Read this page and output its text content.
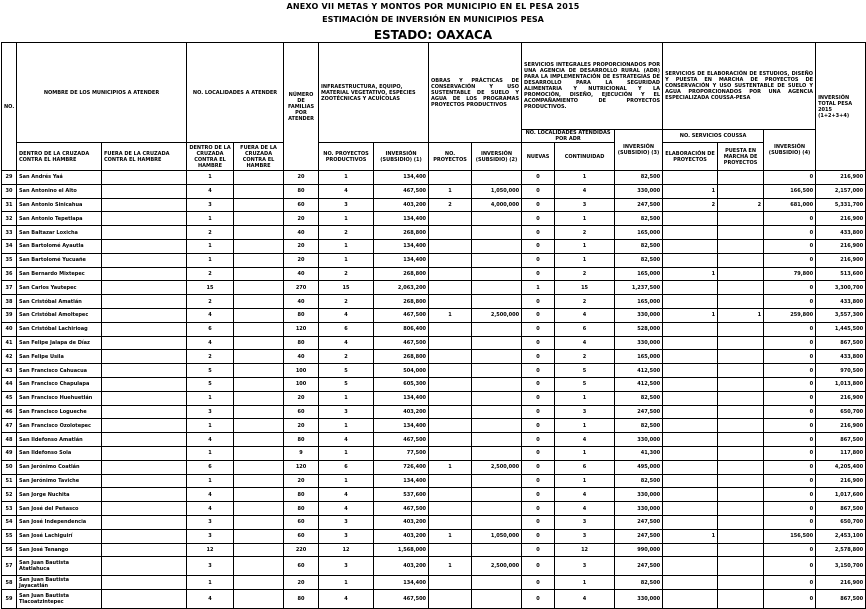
ANEXO VII METAS Y MONTOS POR MUNICIPIO EN EL PESA 2015
ESTIMACIÓN DE INVERSIÓN EN MUNICIPIOS PESA
ESTADO: OAXACA
NO.	NOMBRE DE LOS MUNICIPIOS A ATENDER		NO. LOCALIDADES A ATENDER		NÚMERO DE FAMILIAS POR ATENDER	INFRAESTRUCTURA, EQUIPO, MATERIAL VEGETATIVO, ESPECIES ZOOTÉCNICAS Y ACUÍCOLAS		OBRAS Y PRÁCTICAS DE CONSERVACIÓN Y USO SUSTENTABLE DE SUELO Y AGUA DE LOS PROGRAMAS PROYECTOS PRODUCTIVOS		SERVICIOS INTEGRALES PROPORCIONADOS POR UNA AGENCIA DE DESARROLLO RURAL (ADR) PARA LA IMPLEMENTACIÓN DE ESTRATEGIAS DE DESARROLLO PARA LA SEGURIDAD ALIMENTARIA Y NUTRICIONAL Y LA PROMOCIÓN, DISEÑO, EJECUCIÓN Y EL ACOMPAÑAMIENTO DE PROYECTOS PRODUCTIVOS.			SERVICIOS DE ELABORACIÓN DE ESTUDIOS, DISEÑO Y PUESTA EN MARCHA DE PROYECTOS DE CONSERVACIÓN Y USO SUSTENTABLE DE SUELO Y AGUA PROPORCIONADOS POR UNA AGENCIA ESPECIALIZADA COUSSA-PESA			INVERSIÓN TOTAL PESA 2015 (1+2+3+4)
										NO. LOCALIDADES ATENDIDAS POR ADR		INVERSIÓN (SUBSIDIO) (3)	NO. SERVICIOS COUSSA		INVERSIÓN (SUBSIDIO) (4)	
	DENTRO DE LA CRUZADA CONTRA EL HAMBRE	FUERA DE LA CRUZADA CONTRA EL HAMBRE	DENTRO DE LA CRUZADA CONTRA EL HAMBRE	FUERA DE LA CRUZADA CONTRA EL HAMBRE		NO. PROYECTOS PRODUCTIVOS	INVERSIÓN (SUBSIDIO) (1)	NO. PROYECTOS	INVERSIÓN (SUBSIDIO) (2)	NUEVAS	CONTINUIDAD		ELABORACIÓN DE PROYECTOS	PUESTA EN MARCHA DE PROYECTOS		
29	San Andrés Yaá		1		20	1	134,400			0	1	82,500			0	216,900
30	San Antonino el Alto		4		80	4	467,500	1	1,050,000	0	4	330,000	1		166,500	2,157,000
31	San Antonio Sinicahua		3		60	3	403,200	2	4,000,000	0	3	247,500	2	2	681,000	5,331,700
32	San Antonio Tepetlapa		1		20	1	134,400			0	1	82,500			0	216,900
33	San Baltazar Loxicha		2		40	2	268,800			0	2	165,000			0	433,800
34	San Bartolomé Ayautla		1		20	1	134,400			0	1	82,500			0	216,900
35	San Bartolomé Yucuañe		1		20	1	134,400			0	1	82,500			0	216,900
36	San Bernardo Mixtepec		2		40	2	268,800			0	2	165,000	1		79,800	513,600
37	San Carlos Yautepec		15		270	15	2,063,200			1	15	1,237,500			0	3,300,700
38	San Cristóbal Amatlán		2		40	2	268,800			0	2	165,000			0	433,800
39	San Cristóbal Amoltepec		4		80	4	467,500	1	2,500,000	0	4	330,000	1	1	259,800	3,557,300
40	San Cristóbal Lachirioag		6		120	6	806,400			0	6	528,000			0	1,445,500
41	San Felipe Jalapa de Díaz		4		80	4	467,500			0	4	330,000			0	867,500
42	San Felipe Usila		2		40	2	268,800			0	2	165,000			0	433,800
43	San Francisco Cahuacua		5		100	5	504,000			0	5	412,500			0	970,500
44	San Francisco Chapulapa		5		100	5	605,300			0	5	412,500			0	1,013,800
45	San Francisco Huehuetlán		1		20	1	134,400			0	1	82,500			0	216,900
46	San Francisco Logueche		3		60	3	403,200			0	3	247,500			0	650,700
47	San Francisco Ozolotepec		1		20	1	134,400			0	1	82,500			0	216,900
48	San Ildefonso Amatlán		4		80	4	467,500			0	4	330,000			0	867,500
49	San Ildefonso Sola		1		9	1	77,500			0	1	41,300			0	117,800
50	San Jerónimo Coatlán		6		120	6	726,400	1	2,500,000	0	6	495,000			0	4,205,400
51	San Jerónimo Taviche		1		20	1	134,400			0	1	82,500			0	216,900
52	San Jorge Nuchita		4		80	4	537,600			0	4	330,000			0	1,017,600
53	San José del Peñasco		4		80	4	467,500			0	4	330,000			0	867,500
54	San José Independencia		3		60	3	403,200			0	3	247,500			0	650,700
55	San José Lachiguirí		3		60	3	403,200	1	1,050,000	0	3	247,500	1		156,500	2,453,100
56	San José Tenango		12		220	12	1,568,000			0	12	990,000			0	2,578,800
57	San Juan Bautista Atatlahuca		3		60	3	403,200	1	2,500,000	0	3	247,500			0	3,150,700
58	San Juan Bautista Jayacatlán		1		20	1	134,400			0	1	82,500			0	216,900
59	San Juan Bautista Tlacoatzintepec		4		80	4	467,500			0	4	330,000			0	867,500
